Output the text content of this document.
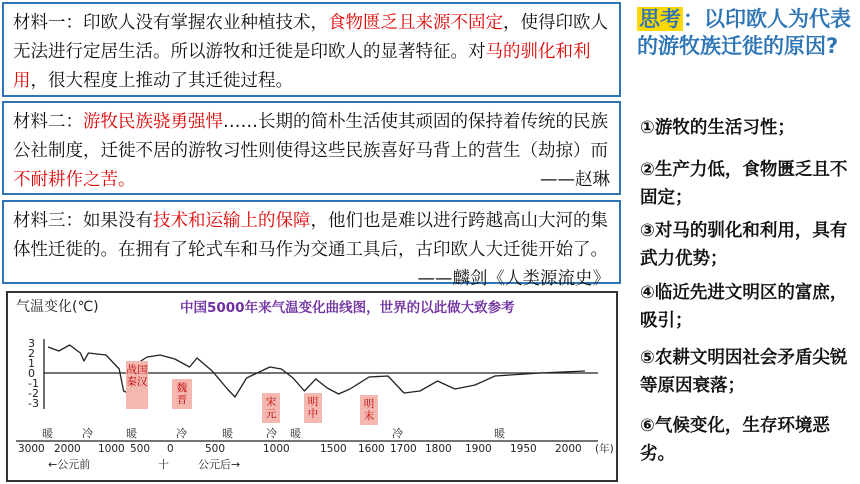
材料一：印欧人没有掌握农业种植技术，食物匮乏且来源不固定，使得印欧人无法进行定居生活。所以游牧和迁徙是印欧人的显著特征。对马的驯化和利用，很大程度上推动了其迁徙过程。
材料二：游牧民族骁勇强悍……长期的简朴生活使其顽固的保持着传统的民族公社制度，迁徙不居的游牧习性则使得这些民族喜好马背上的营生（劫掠）而不耐耕作之苦。	——赵琳
材料三：如果没有技术和运输上的保障，他们也是难以进行跨越高山大河的集体性迁徙的。在拥有了轮式车和马作为交通工具后，古印欧人大迁徙开始了。
——麟剑《人类源流史》
思考：以印欧人为代表的游牧族迁徙的原因?
①游牧的生活习性；
②生产力低，食物匮乏且不固定；
③对马的驯化和利用，具有武力优势；
④临近先进文明区的富庶，吸引；
⑤农耕文明因社会矛盾尖锐等原因衰落；
⑥气候变化，生存环境恶劣。
气温变化(℃)	中国5000年来气温变化曲线图，世界的以此做大致参考
3
2
1
0
-1
-2
-3
3000 2000 1000 500 0	500	1000	1500 1600 1700 1800 1900 1950 2000 (年)
←公元前	十	公元后→
暖	冷	暖	冷	暖	冷 暖	冷	暖
战国秦汉	魏晋	宋元
明中
明末
